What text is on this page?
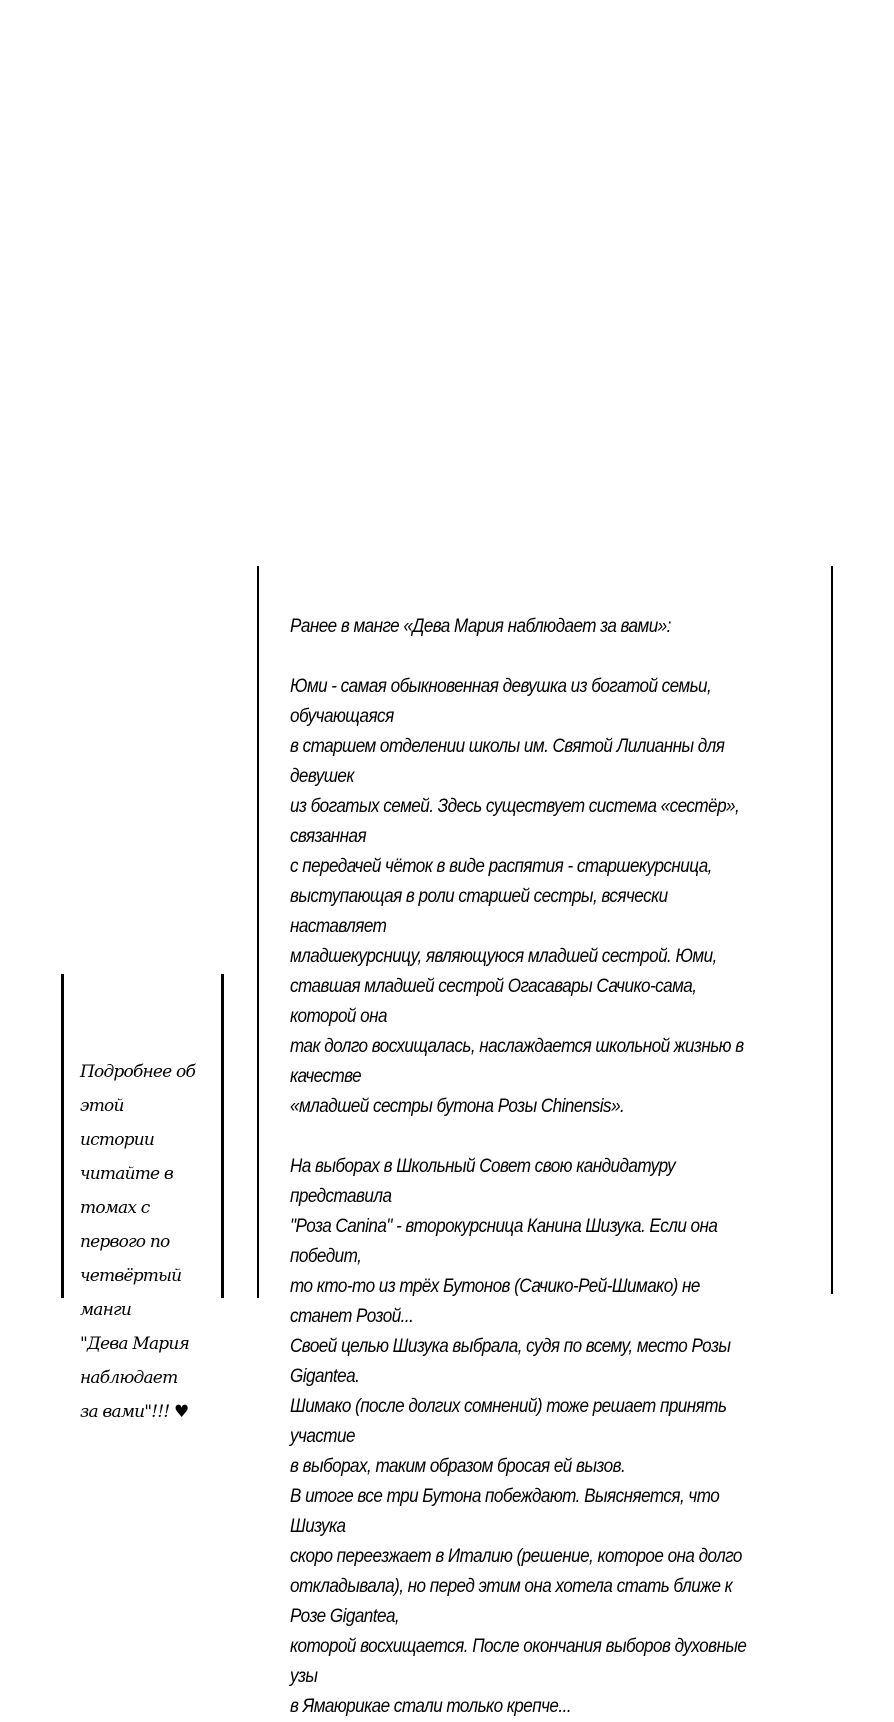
Ранее в манге «Дева Мария наблюдает за вами»:
Юми - самая обыкновенная девушка из богатой семьи, обучающаяся
в старшем отделении школы им. Святой Лилианны для девушек
из богатых семей. Здесь существует система «сестёр», связанная
с передачей чёток в виде распятия - старшекурсница,
выступающая в роли старшей сестры, всячески наставляет
младшекурсницу, являющуюся младшей сестрой. Юми,
ставшая младшей сестрой Огасавары Сачико-сама, которой она
так долго восхищалась, наслаждается школьной жизнью в качестве
«младшей сестры бутона Розы Chinensis».
На выборах в Школьный Совет свою кандидатуру представила
"Роза Canina" - второкурсница Канина Шизука. Если она победит,
то кто-то из трёх Бутонов (Сачико-Рей-Шимако) не станет Розой...
Своей целью Шизука выбрала, судя по всему, место Розы Gigantea.
Шимако (после долгих сомнений) тоже решает принять участие
в выборах, таким образом бросая ей вызов.
В итоге все три Бутона побеждают. Выясняется, что Шизука
скоро переезжает в Италию (решение, которое она долго
откладывала), но перед этим она хотела стать ближе к Розе Gigantea,
которой восхищается. После окончания выборов духовные узы
в Ямаюрикае стали только крепче...
Подробнее об этой
истории читайте в
томах с первого по
четвёртый манги
"Дева Мария
наблюдает
за вами"!!! ♥
